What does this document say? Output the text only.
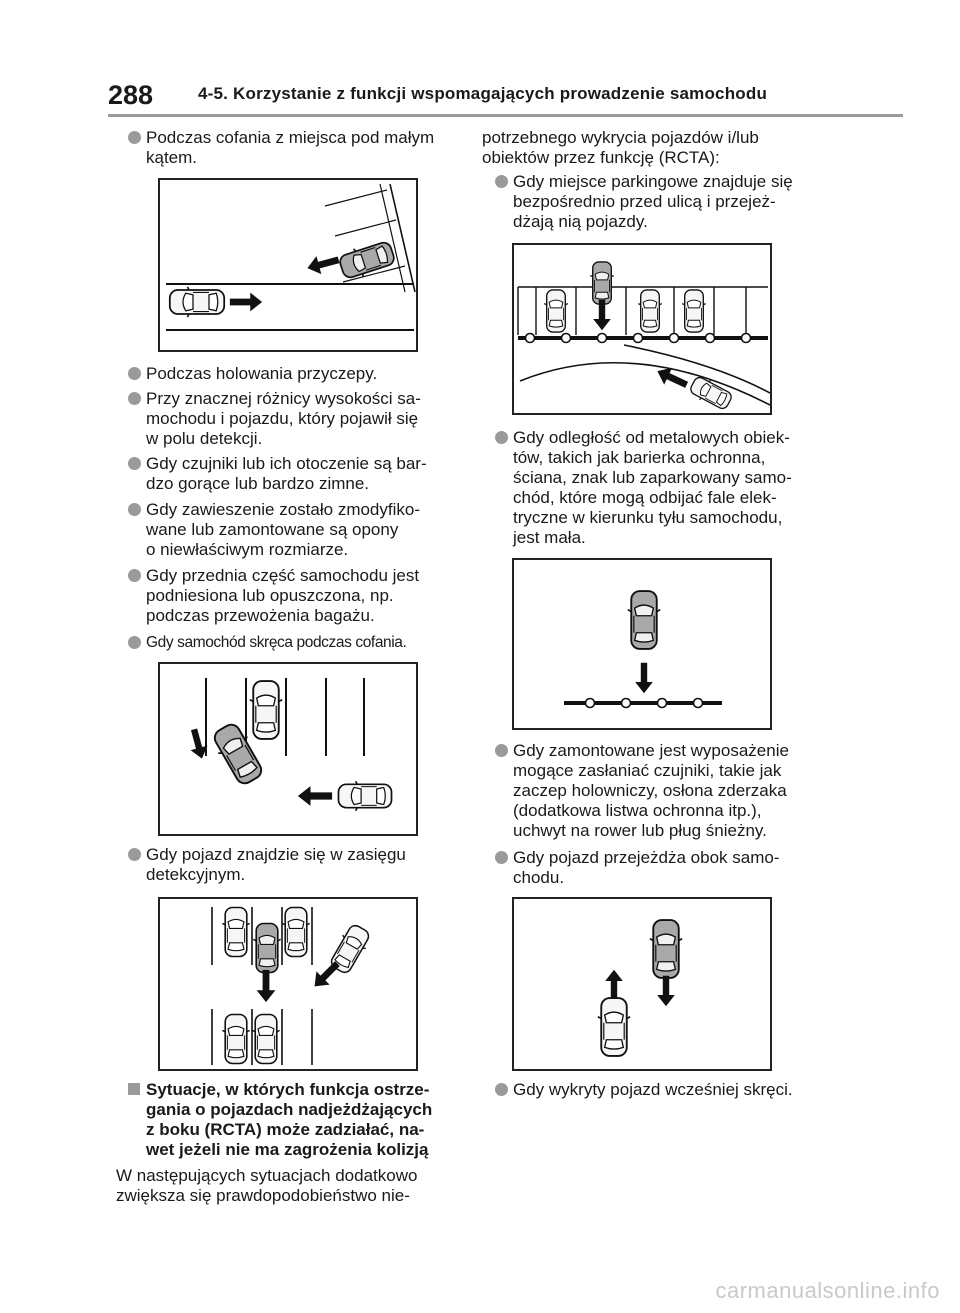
288	4-5. Korzystanie z funkcji wspomagających prowadzenie samochodu
Podczas cofania z miejsca pod małym
kątem.
Podczas holowania przyczepy.
Przy znacznej różnicy wysokości sa-
mochodu i pojazdu, który pojawił się
w polu detekcji.
Gdy czujniki lub ich otoczenie są bar-
dzo gorące lub bardzo zimne.
Gdy zawieszenie zostało zmodyfiko-
wane lub zamontowane są opony
o niewłaściwym rozmiarze.
Gdy przednia część samochodu jest
podniesiona lub opuszczona, np.
podczas przewożenia bagażu.
Gdy samochód skręca podczas cofania.
Gdy pojazd znajdzie się w zasięgu
detekcyjnym.
Sytuacje, w których funkcja ostrze-
gania o pojazdach nadjeżdżających
z boku (RCTA) może zadziałać, na-
wet jeżeli nie ma zagrożenia kolizją
W następujących sytuacjach dodatkowo
zwiększa się prawdopodobieństwo nie-
potrzebnego wykrycia pojazdów i/lub
obiektów przez funkcję (RCTA):
Gdy miejsce parkingowe znajduje się
bezpośrednio przed ulicą i przejeż-
dżają nią pojazdy.
Gdy odległość od metalowych obiek-
tów, takich jak barierka ochronna,
ściana, znak lub zaparkowany samo-
chód, które mogą odbijać fale elek-
tryczne w kierunku tyłu samochodu,
jest mała.
Gdy zamontowane jest wyposażenie
mogące zasłaniać czujniki, takie jak
zaczep holowniczy, osłona zderzaka
(dodatkowa listwa ochronna itp.),
uchwyt na rower lub pług śnieżny.
Gdy pojazd przejeżdża obok samo-
chodu.
Gdy wykryty pojazd wcześniej skręci.
carmanualsonline.info
